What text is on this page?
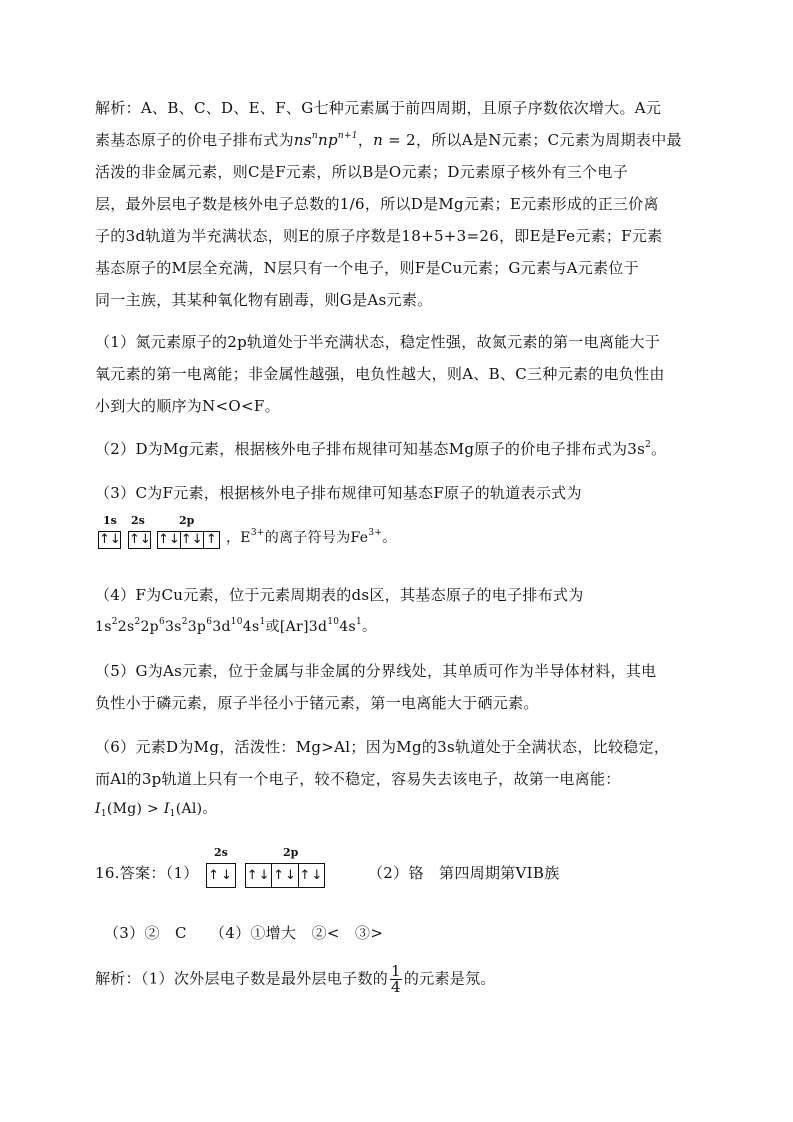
解析：A、B、C、D、E、F、G七种元素属于前四周期，且原子序数依次增大。A元
素基态原子的价电子排布式为$ns^nnp^{n+1}$，n = 2，所以A是N元素；C元素为周期表中最
活泼的非金属元素，则C是F元素，所以B是O元素；D元素原子核外有三个电子
层，最外层电子数是核外电子总数的1/6，所以D是Mg元素；E元素形成的正三价离
子的3d轨道为半充满状态，则E的原子序数是18+5+3=26，即E是Fe元素；F元素
基态原子的M层全充满，N层只有一个电子，则F是Cu元素；G元素与A元素位于
同一主族，其某种氧化物有剧毒，则G是As元素。
（1）氮元素原子的2p轨道处于半充满状态，稳定性强，故氮元素的第一电离能大于
氧元素的第一电离能；非金属性越强，电负性越大，则A、B、C三种元素的电负性由
小到大的顺序为N<O<F。
（2）D为Mg元素，根据核外电子排布规律可知基态Mg原子的价电子排布式为$3s^2$。
（3）C为F元素，根据核外电子排布规律可知基态F原子的轨道表示式为
1s 2s	2p
↑↓ ↑↓ ↑↓ ↑↓ ↑ ，$E^{3+}$的离子符号为$Fe^{3+}$。
（4）F为Cu元素，位于元素周期表的ds区，其基态原子的电子排布式为
$1s^22s^22p^63s^23p^63d^{10}4s^1$或$[Ar]3d^{10}4s^1$。
（5）G为As元素，位于金属与非金属的分界线处，其单质可作为半导体材料，其电
负性小于磷元素，原子半径小于锗元素，第一电离能大于硒元素。
（6）元素D为Mg，活泼性：Mg>Al；因为Mg的3s轨道处于全满状态，比较稳定，
而Al的3p轨道上只有一个电子，较不稳定，容易失去该电子，故第一电离能：
$I_1(Mg) > I_1(Al)$。
16.答案：（1）
2s	2p
↑↓ ↑↓ ↑↓ ↑↓	（2）铬　第四周期第VIB族
（3）②　C　　（4）①增大　②<　③>
解析：（1）次外层电子数是最外层电子数的 $\frac{1}{4}$ 的元素是氖。
